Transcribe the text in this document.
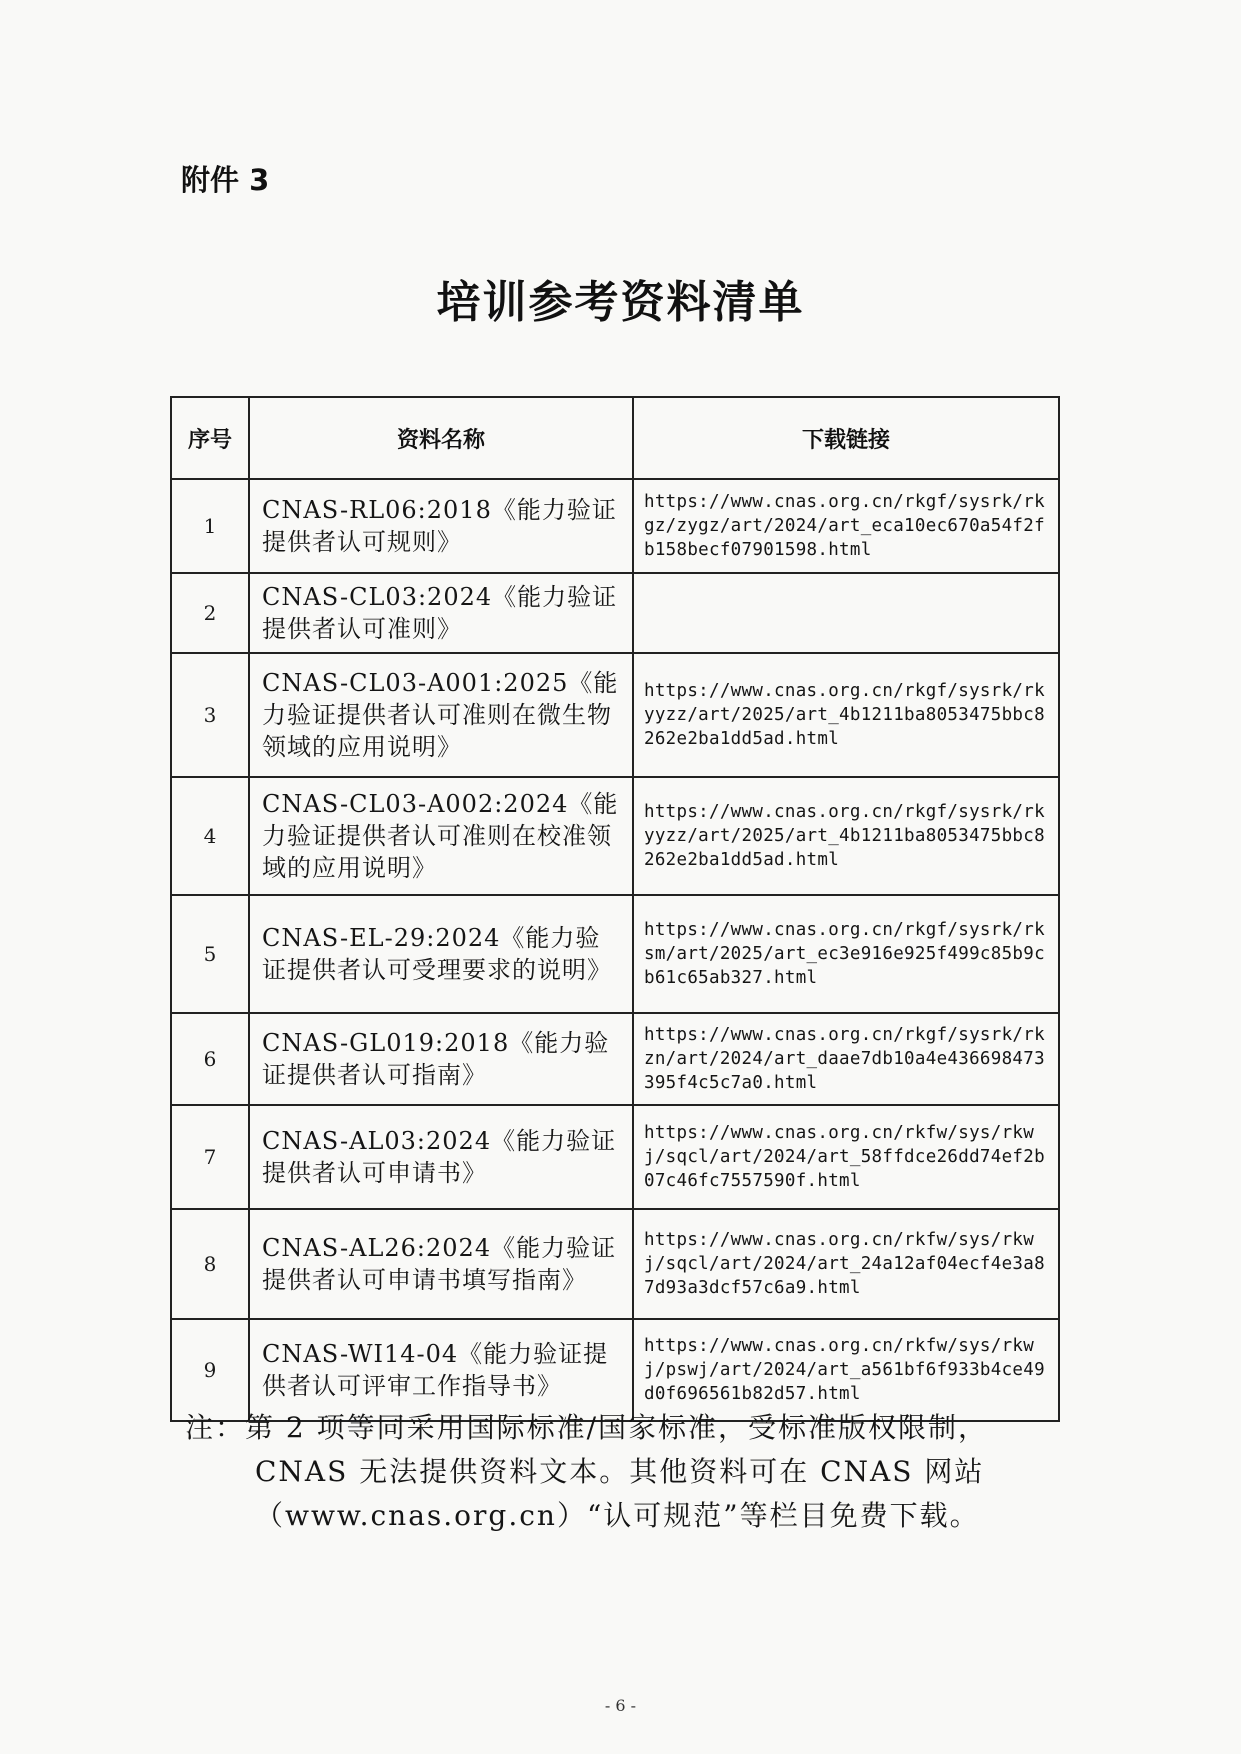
附件 3
培训参考资料清单
序号	资料名称	下载链接
1	CNAS-RL06:2018《能力验证提供者认可规则》	https://www.cnas.org.cn/rkgf/sysrk/rkgz/zygz/art/2024/art_eca10ec670a54f2fb158becf07901598.html
2	CNAS-CL03:2024《能力验证提供者认可准则》	
3	CNAS-CL03-A001:2025《能力验证提供者认可准则在微生物领域的应用说明》	https://www.cnas.org.cn/rkgf/sysrk/rkyyzz/art/2025/art_4b1211ba8053475bbc8262e2ba1dd5ad.html
4	CNAS-CL03-A002:2024《能力验证提供者认可准则在校准领域的应用说明》	https://www.cnas.org.cn/rkgf/sysrk/rkyyzz/art/2025/art_4b1211ba8053475bbc8262e2ba1dd5ad.html
5	CNAS-EL-29:2024《能力验证提供者认可受理要求的说明》	https://www.cnas.org.cn/rkgf/sysrk/rksm/art/2025/art_ec3e916e925f499c85b9cb61c65ab327.html
6	CNAS-GL019:2018《能力验证提供者认可指南》	https://www.cnas.org.cn/rkgf/sysrk/rkzn/art/2024/art_daae7db10a4e436698473395f4c5c7a0.html
7	CNAS-AL03:2024《能力验证提供者认可申请书》	https://www.cnas.org.cn/rkfw/sys/rkwj/sqcl/art/2024/art_58ffdce26dd74ef2b07c46fc7557590f.html
8	CNAS-AL26:2024《能力验证提供者认可申请书填写指南》	https://www.cnas.org.cn/rkfw/sys/rkwj/sqcl/art/2024/art_24a12af04ecf4e3a87d93a3dcf57c6a9.html
9	CNAS-WI14-04《能力验证提供者认可评审工作指导书》	https://www.cnas.org.cn/rkfw/sys/rkwj/pswj/art/2024/art_a561bf6f933b4ce49d0f696561b82d57.html
注：第 2 项等同采用国际标准/国家标准，受标准版权限制，
CNAS 无法提供资料文本。其他资料可在 CNAS 网站
（www.cnas.org.cn）“认可规范”等栏目免费下载。
- 6 -
